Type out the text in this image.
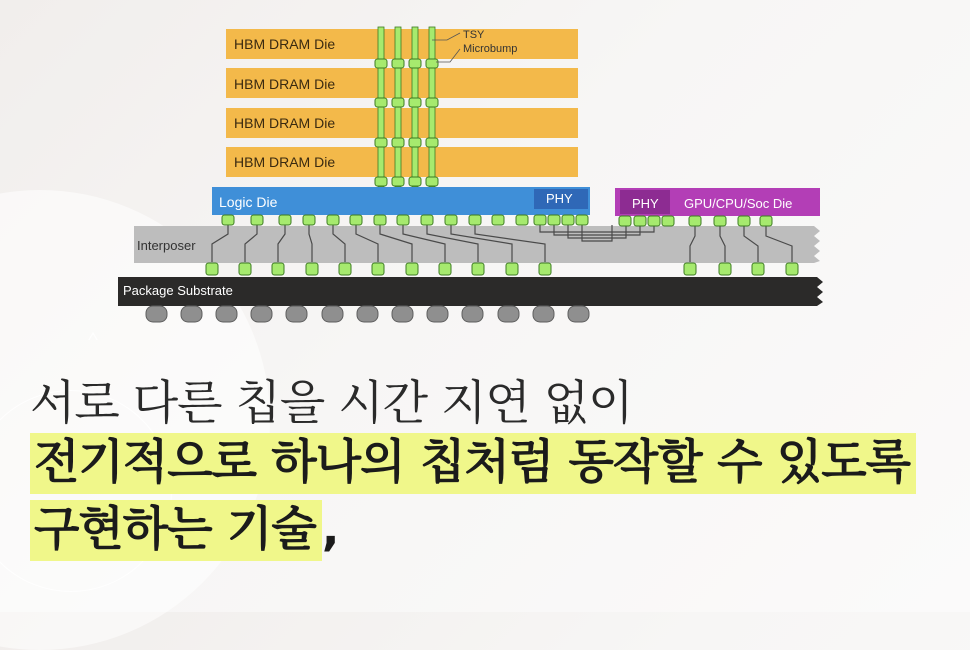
HBM DRAM Die
HBM DRAM Die
HBM DRAM Die
HBM DRAM Die
TSY
Microbump
Logic Die	PHY	PHY GPU/CPU/Soc Die
Interposer
Package Substrate
서로 다른 칩을 시간 지연 없이
전기적으로 하나의 칩처럼 동작할 수 있도록
구현하는 기술 ,
